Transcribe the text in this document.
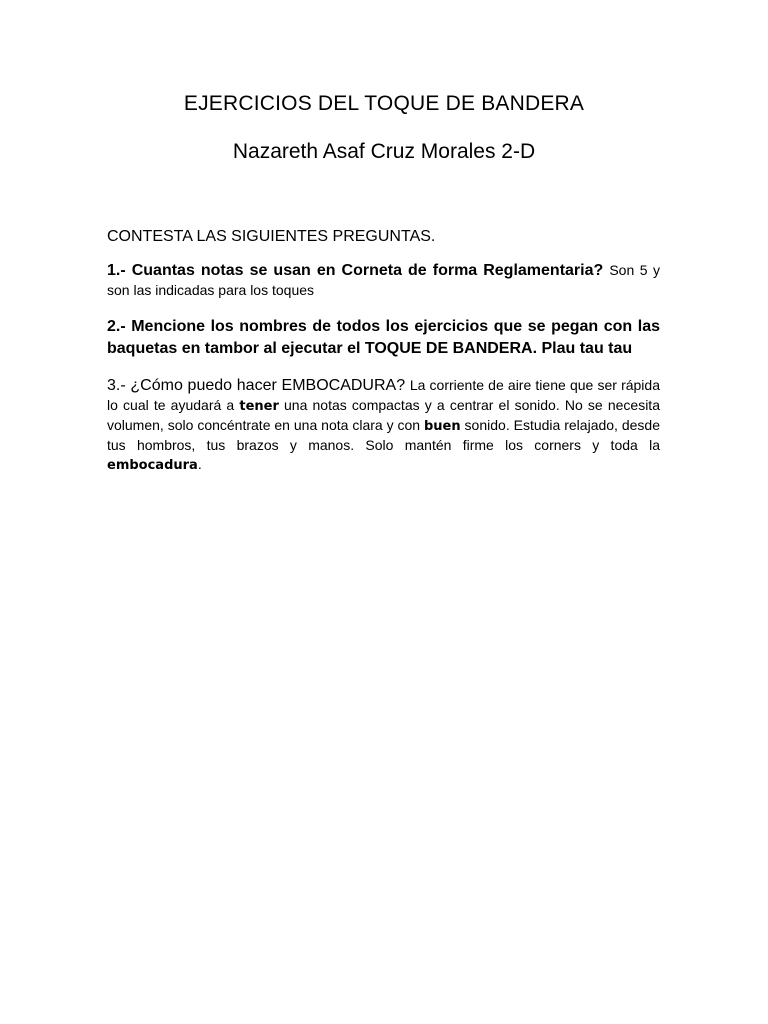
EJERCICIOS DEL TOQUE DE BANDERA

Nazareth Asaf Cruz Morales 2-D

CONTESTA LAS SIGUIENTES PREGUNTAS.

1.- Cuantas notas se usan en Corneta de forma Reglamentaria? Son 5 y son las indicadas para los toques

2.- Mencione los nombres de todos los ejercicios que se pegan con las baquetas en tambor al ejecutar el TOQUE DE BANDERA. Plau tau tau

3.- ¿Cómo puedo hacer EMBOCADURA? La corriente de aire tiene que ser rápida lo cual te ayudará a tener una notas compactas y a centrar el sonido. No se necesita volumen, solo concéntrate en una nota clara y con buen sonido. Estudia relajado, desde tus hombros, tus brazos y manos. Solo mantén firme los corners y toda la embocadura.
